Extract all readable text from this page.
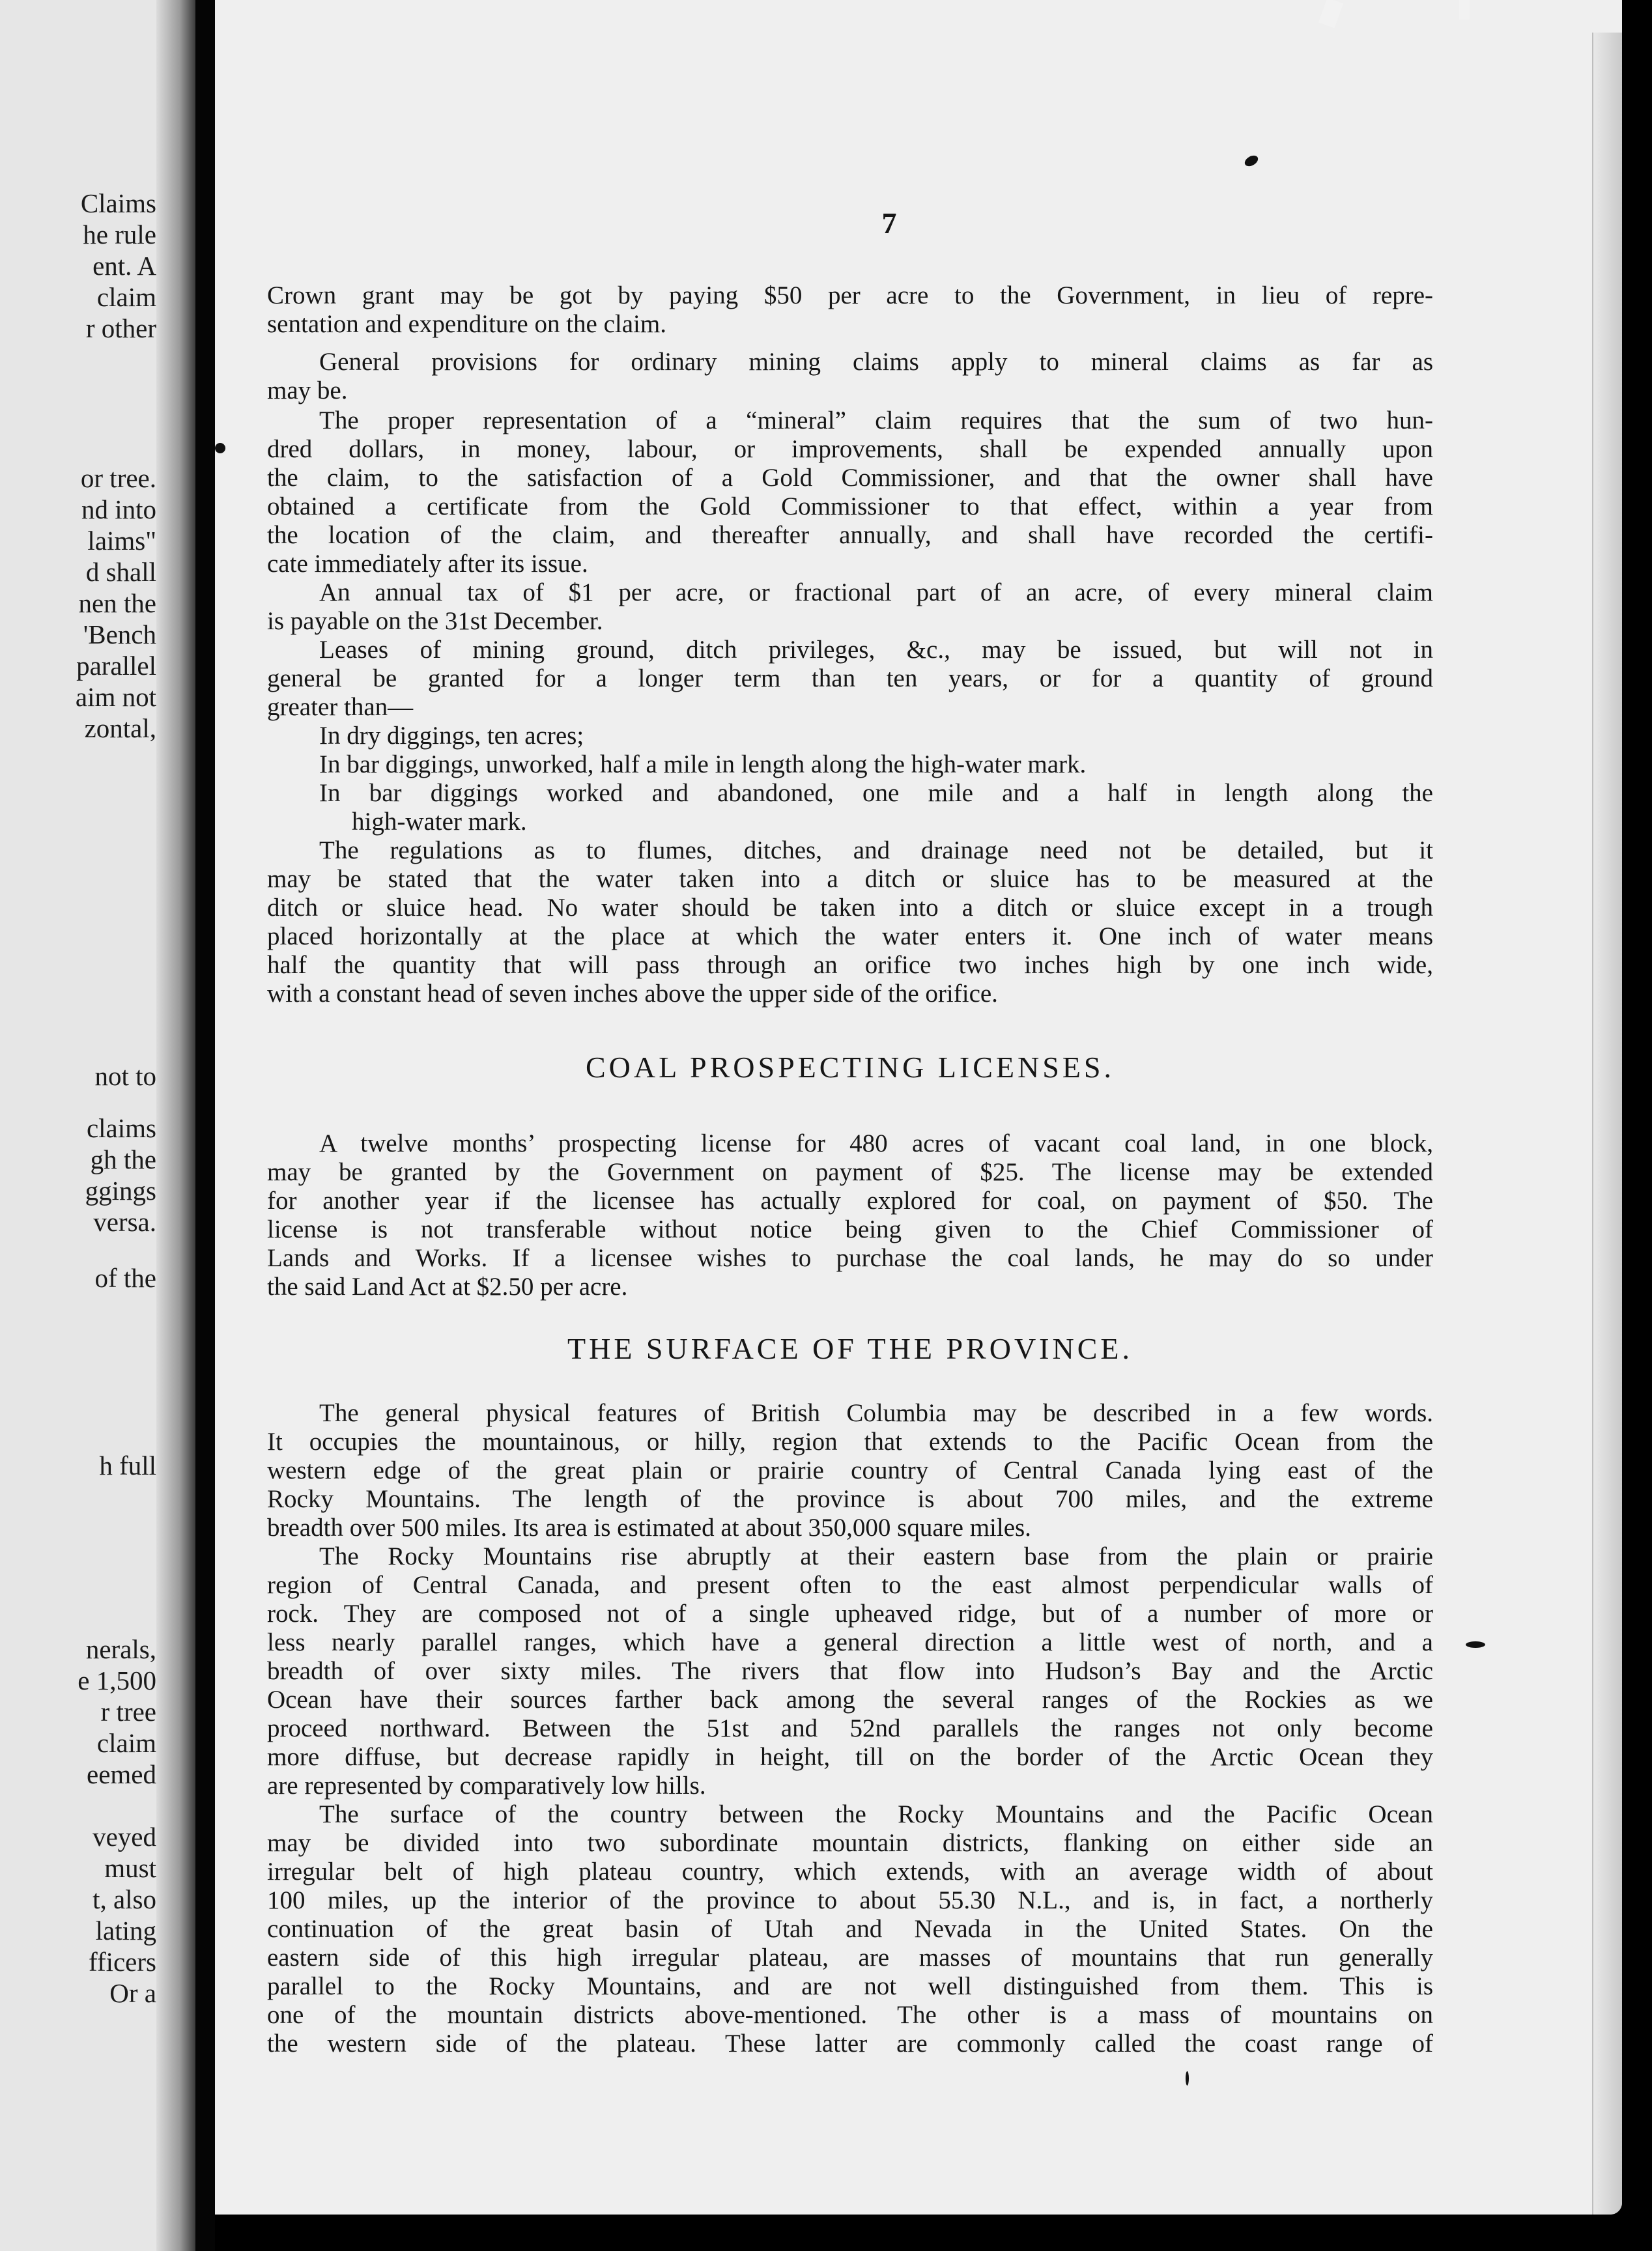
Claims
he rule
ent. A
claim
r other
or tree.
nd into
laims"
d shall
nen the
'Bench
parallel
aim not
zontal,
not to
claims
gh the
ggings
versa.
of the
h full
nerals,
e 1,500
r tree
claim
eemed
veyed
must
t, also
lating
fficers
Or a
7
Crown grant may be got by paying $50 per acre to the Government, in lieu of repre-
sentation and expenditure on the claim.
General provisions for ordinary mining claims apply to mineral claims as far as
may be.
The proper representation of a “mineral” claim requires that the sum of two hun-
dred dollars, in money, labour, or improvements, shall be expended annually upon
the claim, to the satisfaction of a Gold Commissioner, and that the owner shall have
obtained a certificate from the Gold Commissioner to that effect, within a year from
the location of the claim, and thereafter annually, and shall have recorded the certifi-
cate immediately after its issue.
An annual tax of $1 per acre, or fractional part of an acre, of every mineral claim
is payable on the 31st December.
Leases of mining ground, ditch privileges, &c., may be issued, but will not in
general be granted for a longer term than ten years, or for a quantity of ground
greater than—
In dry diggings, ten acres;
In bar diggings, unworked, half a mile in length along the high-water mark.
In bar diggings worked and abandoned, one mile and a half in length along the
high-water mark.
The regulations as to flumes, ditches, and drainage need not be detailed, but it
may be stated that the water taken into a ditch or sluice has to be measured at the
ditch or sluice head. No water should be taken into a ditch or sluice except in a trough
placed horizontally at the place at which the water enters it. One inch of water means
half the quantity that will pass through an orifice two inches high by one inch wide,
with a constant head of seven inches above the upper side of the orifice.
A twelve months’ prospecting license for 480 acres of vacant coal land, in one block,
may be granted by the Government on payment of $25. The license may be extended
for another year if the licensee has actually explored for coal, on payment of $50. The
license is not transferable without notice being given to the Chief Commissioner of
Lands and Works. If a licensee wishes to purchase the coal lands, he may do so under
the said Land Act at $2.50 per acre.
The general physical features of British Columbia may be described in a few words.
It occupies the mountainous, or hilly, region that extends to the Pacific Ocean from the
western edge of the great plain or prairie country of Central Canada lying east of the
Rocky Mountains. The length of the province is about 700 miles, and the extreme
breadth over 500 miles. Its area is estimated at about 350,000 square miles.
The Rocky Mountains rise abruptly at their eastern base from the plain or prairie
region of Central Canada, and present often to the east almost perpendicular walls of
rock. They are composed not of a single upheaved ridge, but of a number of more or
less nearly parallel ranges, which have a general direction a little west of north, and a
breadth of over sixty miles. The rivers that flow into Hudson’s Bay and the Arctic
Ocean have their sources farther back among the several ranges of the Rockies as we
proceed northward. Between the 51st and 52nd parallels the ranges not only become
more diffuse, but decrease rapidly in height, till on the border of the Arctic Ocean they
are represented by comparatively low hills.
The surface of the country between the Rocky Mountains and the Pacific Ocean
may be divided into two subordinate mountain districts, flanking on either side an
irregular belt of high plateau country, which extends, with an average width of about
100 miles, up the interior of the province to about 55.30 N.L., and is, in fact, a northerly
continuation of the great basin of Utah and Nevada in the United States. On the
eastern side of this high irregular plateau, are masses of mountains that run generally
parallel to the Rocky Mountains, and are not well distinguished from them. This is
one of the mountain districts above-mentioned. The other is a mass of mountains on
the western side of the plateau. These latter are commonly called the coast range of
COAL PROSPECTING LICENSES.
THE SURFACE OF THE PROVINCE.
